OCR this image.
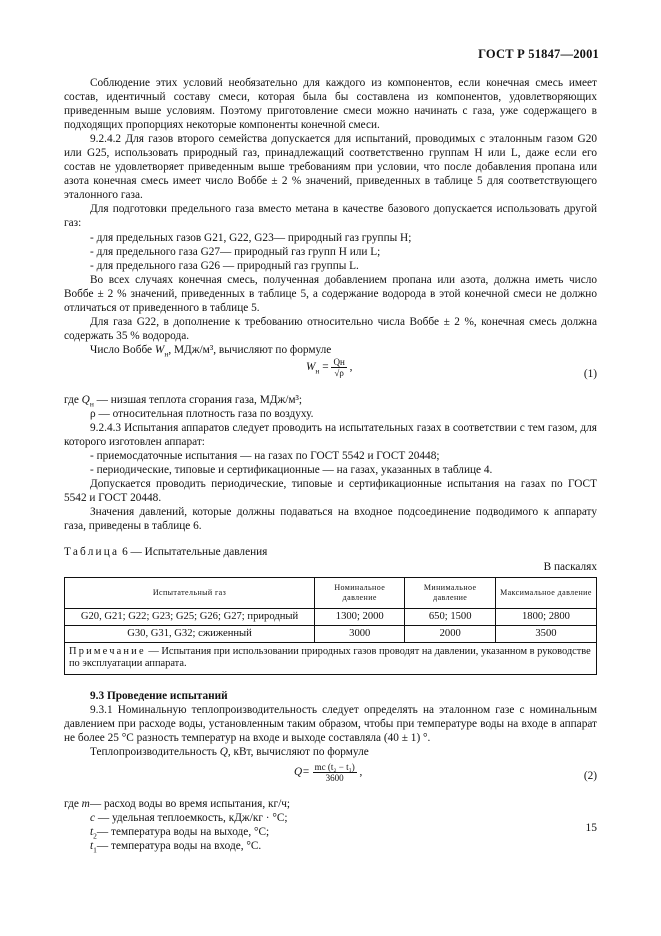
ГОСТ Р 51847—2001

Соблюдение этих условий необязательно для каждого из компонентов, если конечная смесь имеет состав, идентичный составу смеси, которая была бы составлена из компонентов, удовлетворяющих приведенным выше условиям. Поэтому приготовление смеси можно начинать с газа, уже содержащего в подходящих пропорциях некоторые компоненты конечной смеси.

9.2.4.2 Для газов второго семейства допускается для испытаний, проводимых с эталонным газом G20 или G25, использовать природный газ, принадлежащий соответственно группам H или L, даже если его состав не удовлетворяет приведенным выше требованиям при условии, что после добавления пропана или азота конечная смесь имеет число Воббе ± 2 % значений, приведенных в таблице 5 для соответствующего эталонного газа.

Для подготовки предельного газа вместо метана в качестве базового допускается использовать другой газ:

- для предельных газов G21, G22, G23— природный газ группы H;

- для предельного газа G27— природный газ групп H или L;

- для предельного газа G26 — природный газ группы L.

Во всех случаях конечная смесь, полученная добавлением пропана или азота, должна иметь число Воббе ± 2 % значений, приведенных в таблице 5, а содержание водорода в этой конечной смеси не должно отличаться от приведенного в таблице 5.

Для газа G22, в дополнение к требованию относительно числа Воббе ± 2 %, конечная смесь должна содержать 35 % водорода.

Число Воббе $W_н$, МДж/м³, вычисляют по формуле

$W_н = \frac{Qн}{√\rho}$ ,
(1)

где $Q_н$ — низшая теплота сгорания газа, МДж/м³;

ρ — относительная плотность газа по воздуху.

9.2.4.3 Испытания аппаратов следует проводить на испытательных газах в соответствии с тем газом, для которого изготовлен аппарат:

- приемосдаточные испытания — на газах по ГОСТ 5542 и ГОСТ 20448;

- периодические, типовые и сертификационные — на газах, указанных в таблице 4.

Допускается проводить периодические, типовые и сертификационные испытания на газах по ГОСТ 5542 и ГОСТ 20448.

Значения давлений, которые должны подаваться на входное подсоединение подводимого к аппарату газа, приведены в таблице 6.

Таблица 6 — Испытательные давления
В паскалях
Испытательный газ	Номинальное давление	Минимальное давление	Максимальное давление
G20, G21; G22; G23; G25; G26; G27; природный	1300; 2000	650; 1500	1800; 2800
G30, G31, G32; сжиженный	3000	2000	3500
Примечание — Испытания при использовании природных газов проводят на давлении, указанном в руководстве по эксплуатации аппарата.			

9.3 Проведение испытаний

9.3.1 Номинальную теплопроизводительность следует определять на эталонном газе с номинальным давлением при расходе воды, установленным таким образом, чтобы при температуре воды на входе в аппарат не более 25 °С разность температур на входе и выходе составляла (40 ± 1) °.

Теплопроизводительность Q, кВт, вычисляют по формуле

$Q= \frac{\text{mc (t₂ − t₁)}}{3600}$ ,	(2)

где m— расход воды во время испытания, кг/ч;

c — удельная теплоемкость, кДж/кг · °С;

$t_2—$ температура воды на выходе, °С;

$t_1—$ температура воды на входе, °С.

15
